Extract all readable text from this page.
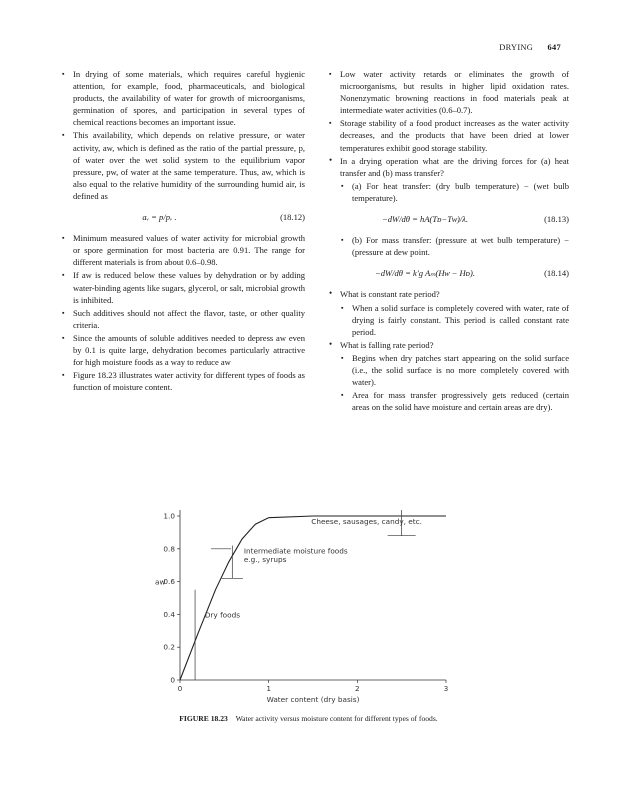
DRYING 647
▪ In drying of some materials, which requires careful hygienic attention, for example, food, pharmaceuticals, and biological products, the availability of water for growth of microorganisms, germination of spores, and participation in several types of chemical reactions becomes an important issue.
▪ This availability, which depends on relative pressure, or water activity, aw, which is defined as the ratio of the partial pressure, p, of water over the wet solid system to the equilibrium vapor pressure, pw, of water at the same temperature. Thus, aw, which is also equal to the relative humidity of the surrounding humid air, is defined as
aᵥ = p/pᵥ .	(18.12)
▪ Minimum measured values of water activity for microbial growth or spore germination for most bacteria are 0.91. The range for different materials is from about 0.6–0.98.
▪ If aw is reduced below these values by dehydration or by adding water-binding agents like sugars, glycerol, or salt, microbial growth is inhibited.
▪ Such additives should not affect the flavor, taste, or other quality criteria.
▪ Since the amounts of soluble additives needed to depress aw even by 0.1 is quite large, dehydration becomes particularly attractive for high moisture foods as a way to reduce aw
▪ Figure 18.23 illustrates water activity for different types of foods as function of moisture content.
▪ Low water activity retards or eliminates the growth of microorganisms, but results in higher lipid oxidation rates. Nonenzymatic browning reactions in food materials peak at intermediate water activities (0.6–0.7).
▪ Storage stability of a food product increases as the water activity decreases, and the products that have been dried at lower temperatures exhibit good storage stability.
• In a drying operation what are the driving forces for (a) heat transfer and (b) mass transfer?
▪ (a) For heat transfer: (dry bulb temperature) − (wet bulb temperature).
−dW/dθ = hA(Tᴅ−Tᴡ)/λ.	(18.13)
▪ (b) For mass transfer: (pressure at wet bulb temperature) − (pressure at dew point.
−dW/dθ = k′g Aₘ(Hᴡ − Hᴅ).	(18.14)
• What is constant rate period?
▪ When a solid surface is completely covered with water, rate of drying is fairly constant. This period is called constant rate period.
• What is falling rate period?
▪ Begins when dry patches start appearing on the solid surface (i.e., the solid surface is no more completely covered with water).
▪ Area for mass transfer progressively gets reduced (certain areas on the solid have moisture and certain areas are dry).
0	1	2	3
0
0.2
0.4
0.6
0.8
1.0
Water content (dry basis)
aw
Dry foods
Intermediate moisture foods
e.g., syrups
Cheese, sausages, candy, etc.
FIGURE 18.23 Water activity versus moisture content for different types of foods.
